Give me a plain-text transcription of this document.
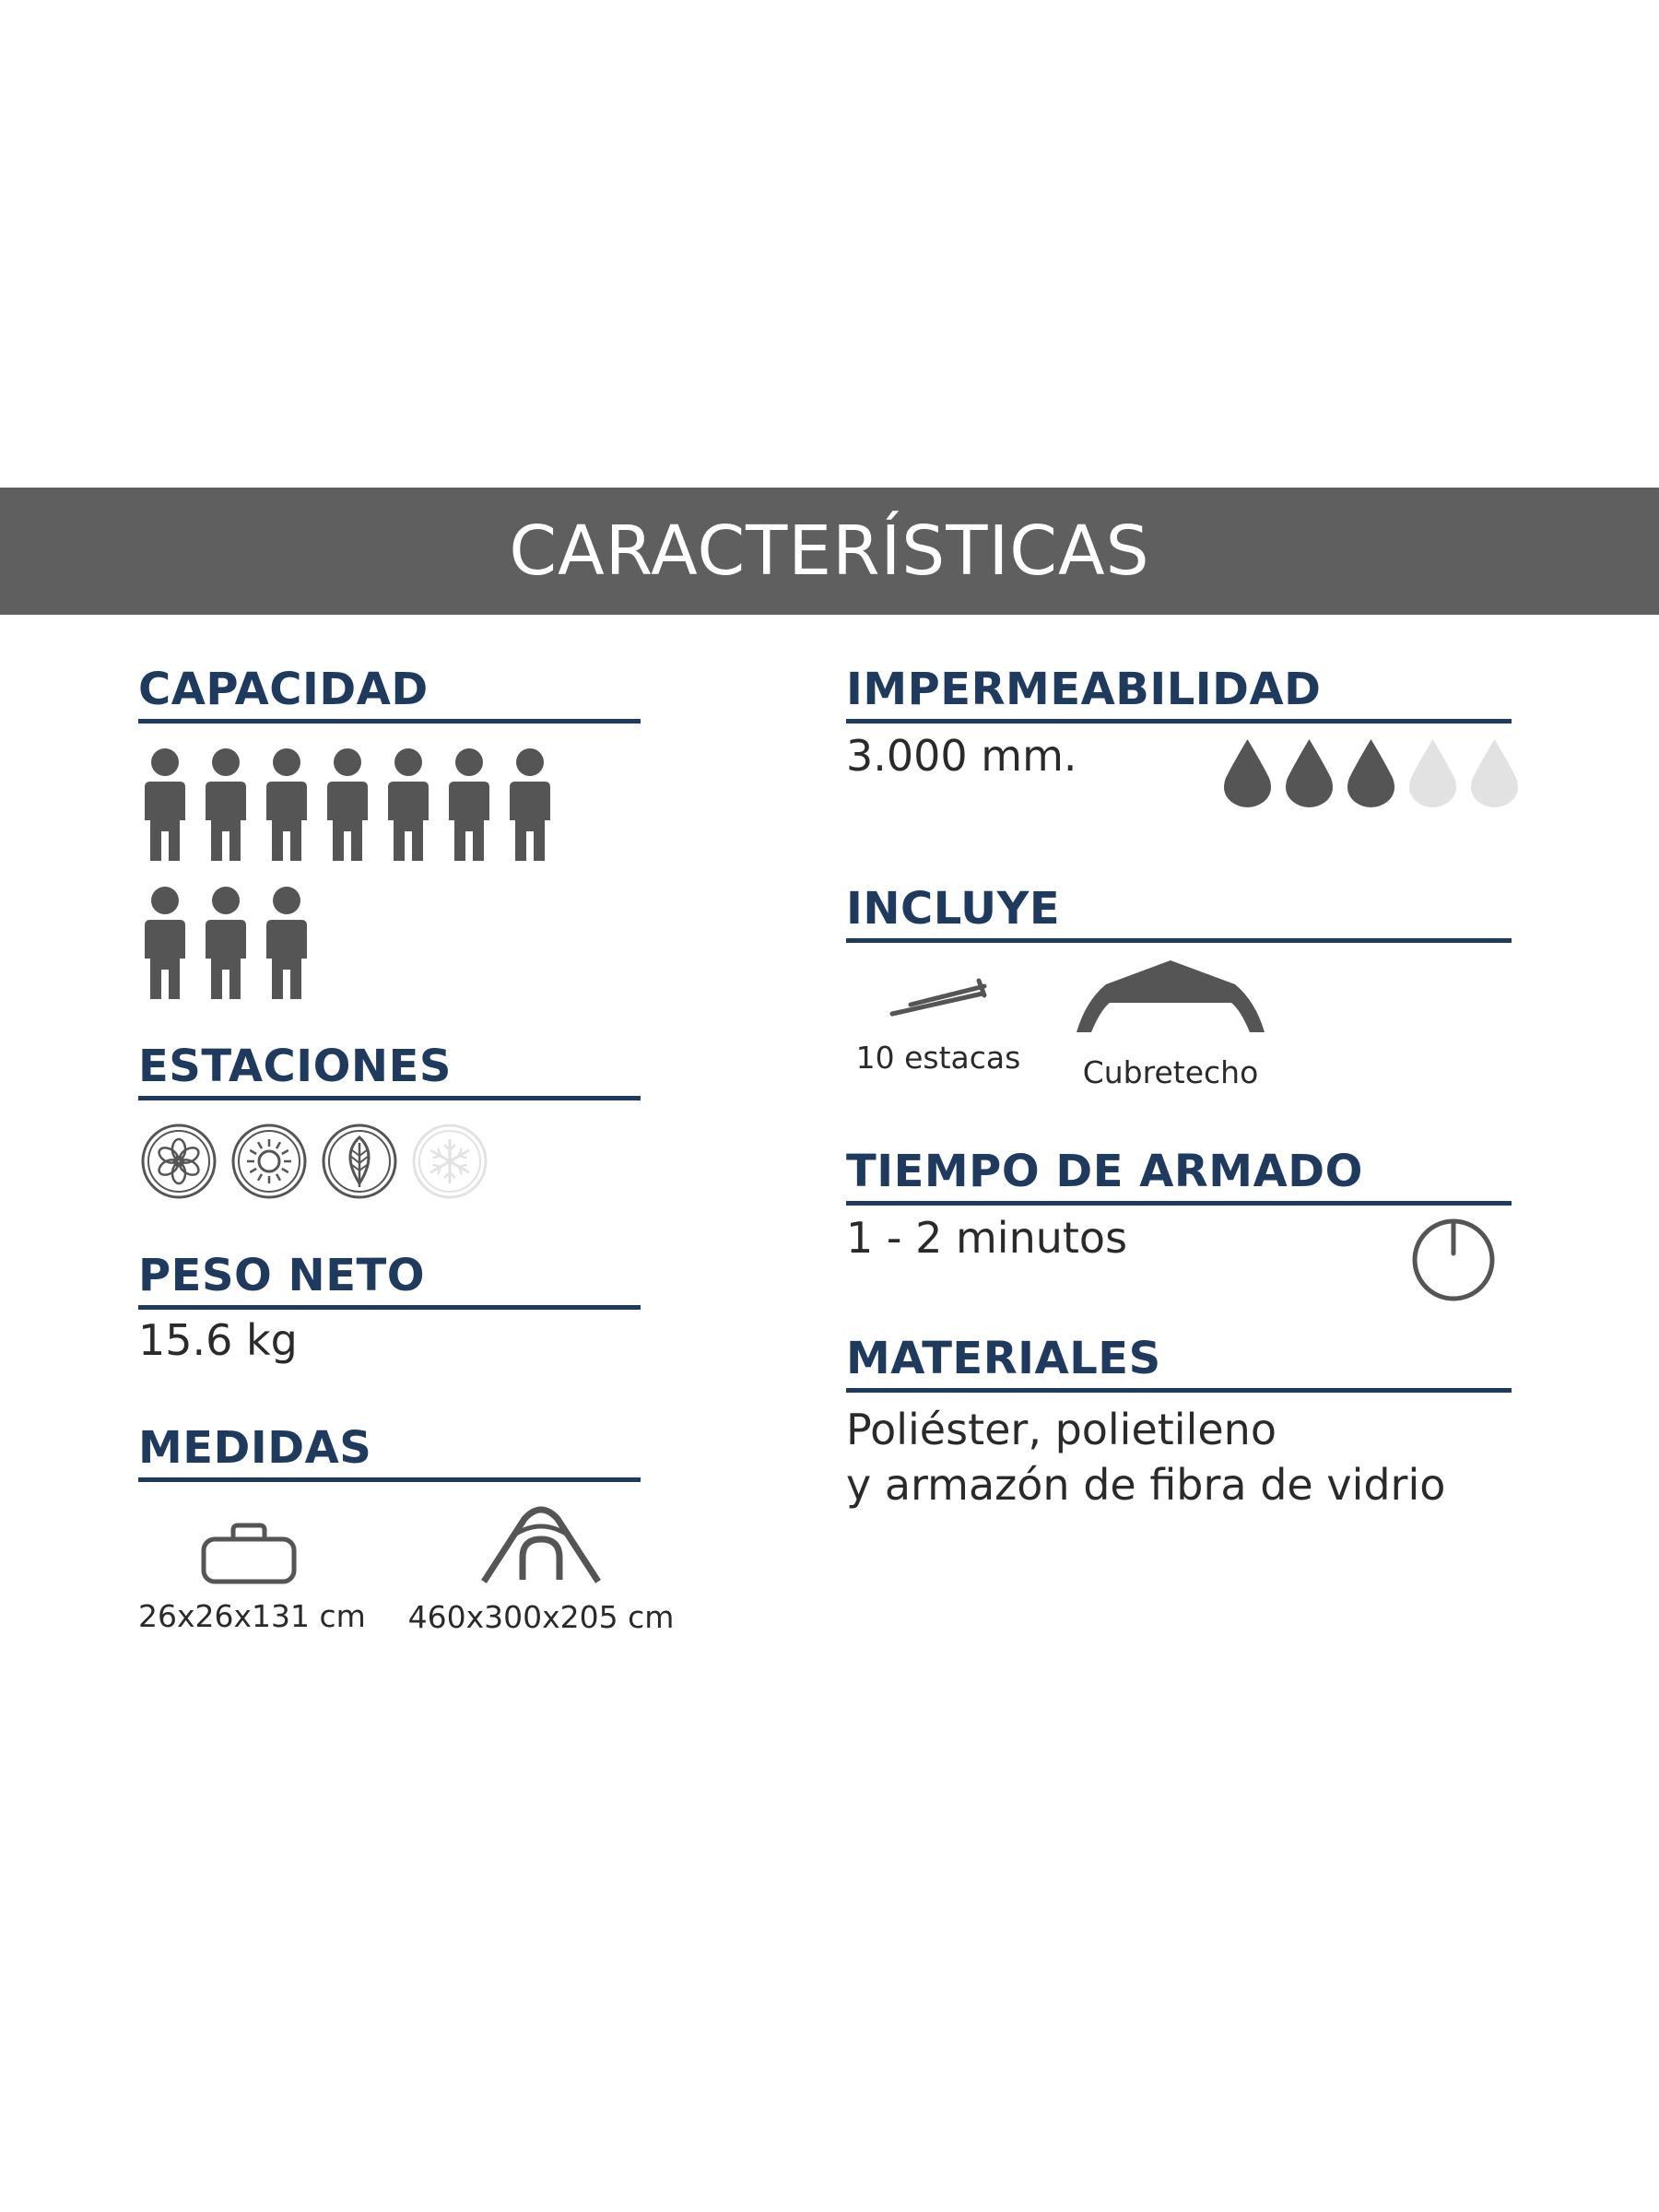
CARACTERÍSTICAS
CAPACIDAD
ESTACIONES
PESO NETO
15.6 kg
MEDIDAS
26x26x131 cm	460x300x205 cm
IMPERMEABILIDAD
3.000 mm.
INCLUYE
10 estacas	Cubretecho
TIEMPO DE ARMADO
1 - 2 minutos
MATERIALES
Poliéster, polietileno
y armazón de fibra de vidrio
